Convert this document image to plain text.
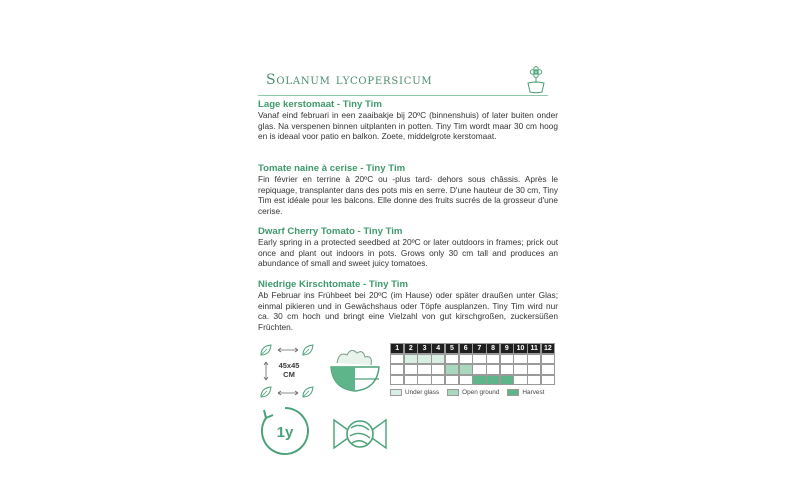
Solanum lycopersicum
Lage kerstomaat - Tiny Tim
Vanaf eind februari in een zaaibakje bij 20ºC (binnenshuis) of later buiten onder glas. Na verspenen binnen uitplanten in potten. Tiny Tim wordt maar 30 cm hoog en is ideaal voor patio en balkon. Zoete, middelgrote kerstomaat.
Tomate naine à cerise - Tiny Tim
Fin février en terrine à 20ºC ou -plus tard- dehors sous châssis. Après le repiquage, transplanter dans des pots mis en serre. D'une hauteur de 30 cm, Tiny Tim est idéale pour les balcons. Elle donne des fruits sucrés de la grosseur d'une cerise.
Dwarf Cherry Tomato - Tiny Tim
Early spring in a protected seedbed at 20ºC or later outdoors in frames; prick out once and plant out indoors in pots. Grows only 30 cm tall and produces an abundance of small and sweet juicy tomatoes.
Niedrige Kirschtomate - Tiny Tim
Ab Februar ins Frühbeet bei 20ºC (im Hause) oder später draußen unter Glas; einmal pikieren und in Gewächshaus oder Töpfe ausplanzen. Tiny Tim wird nur ca. 30 cm hoch und bringt eine Vielzahl von gut kirschgroßen, zuckersüßen Früchten.
45x45
CM
1	2	3	4	5	6	7	8	9	10 11 12
Under glass	Open ground	Harvest
1y
